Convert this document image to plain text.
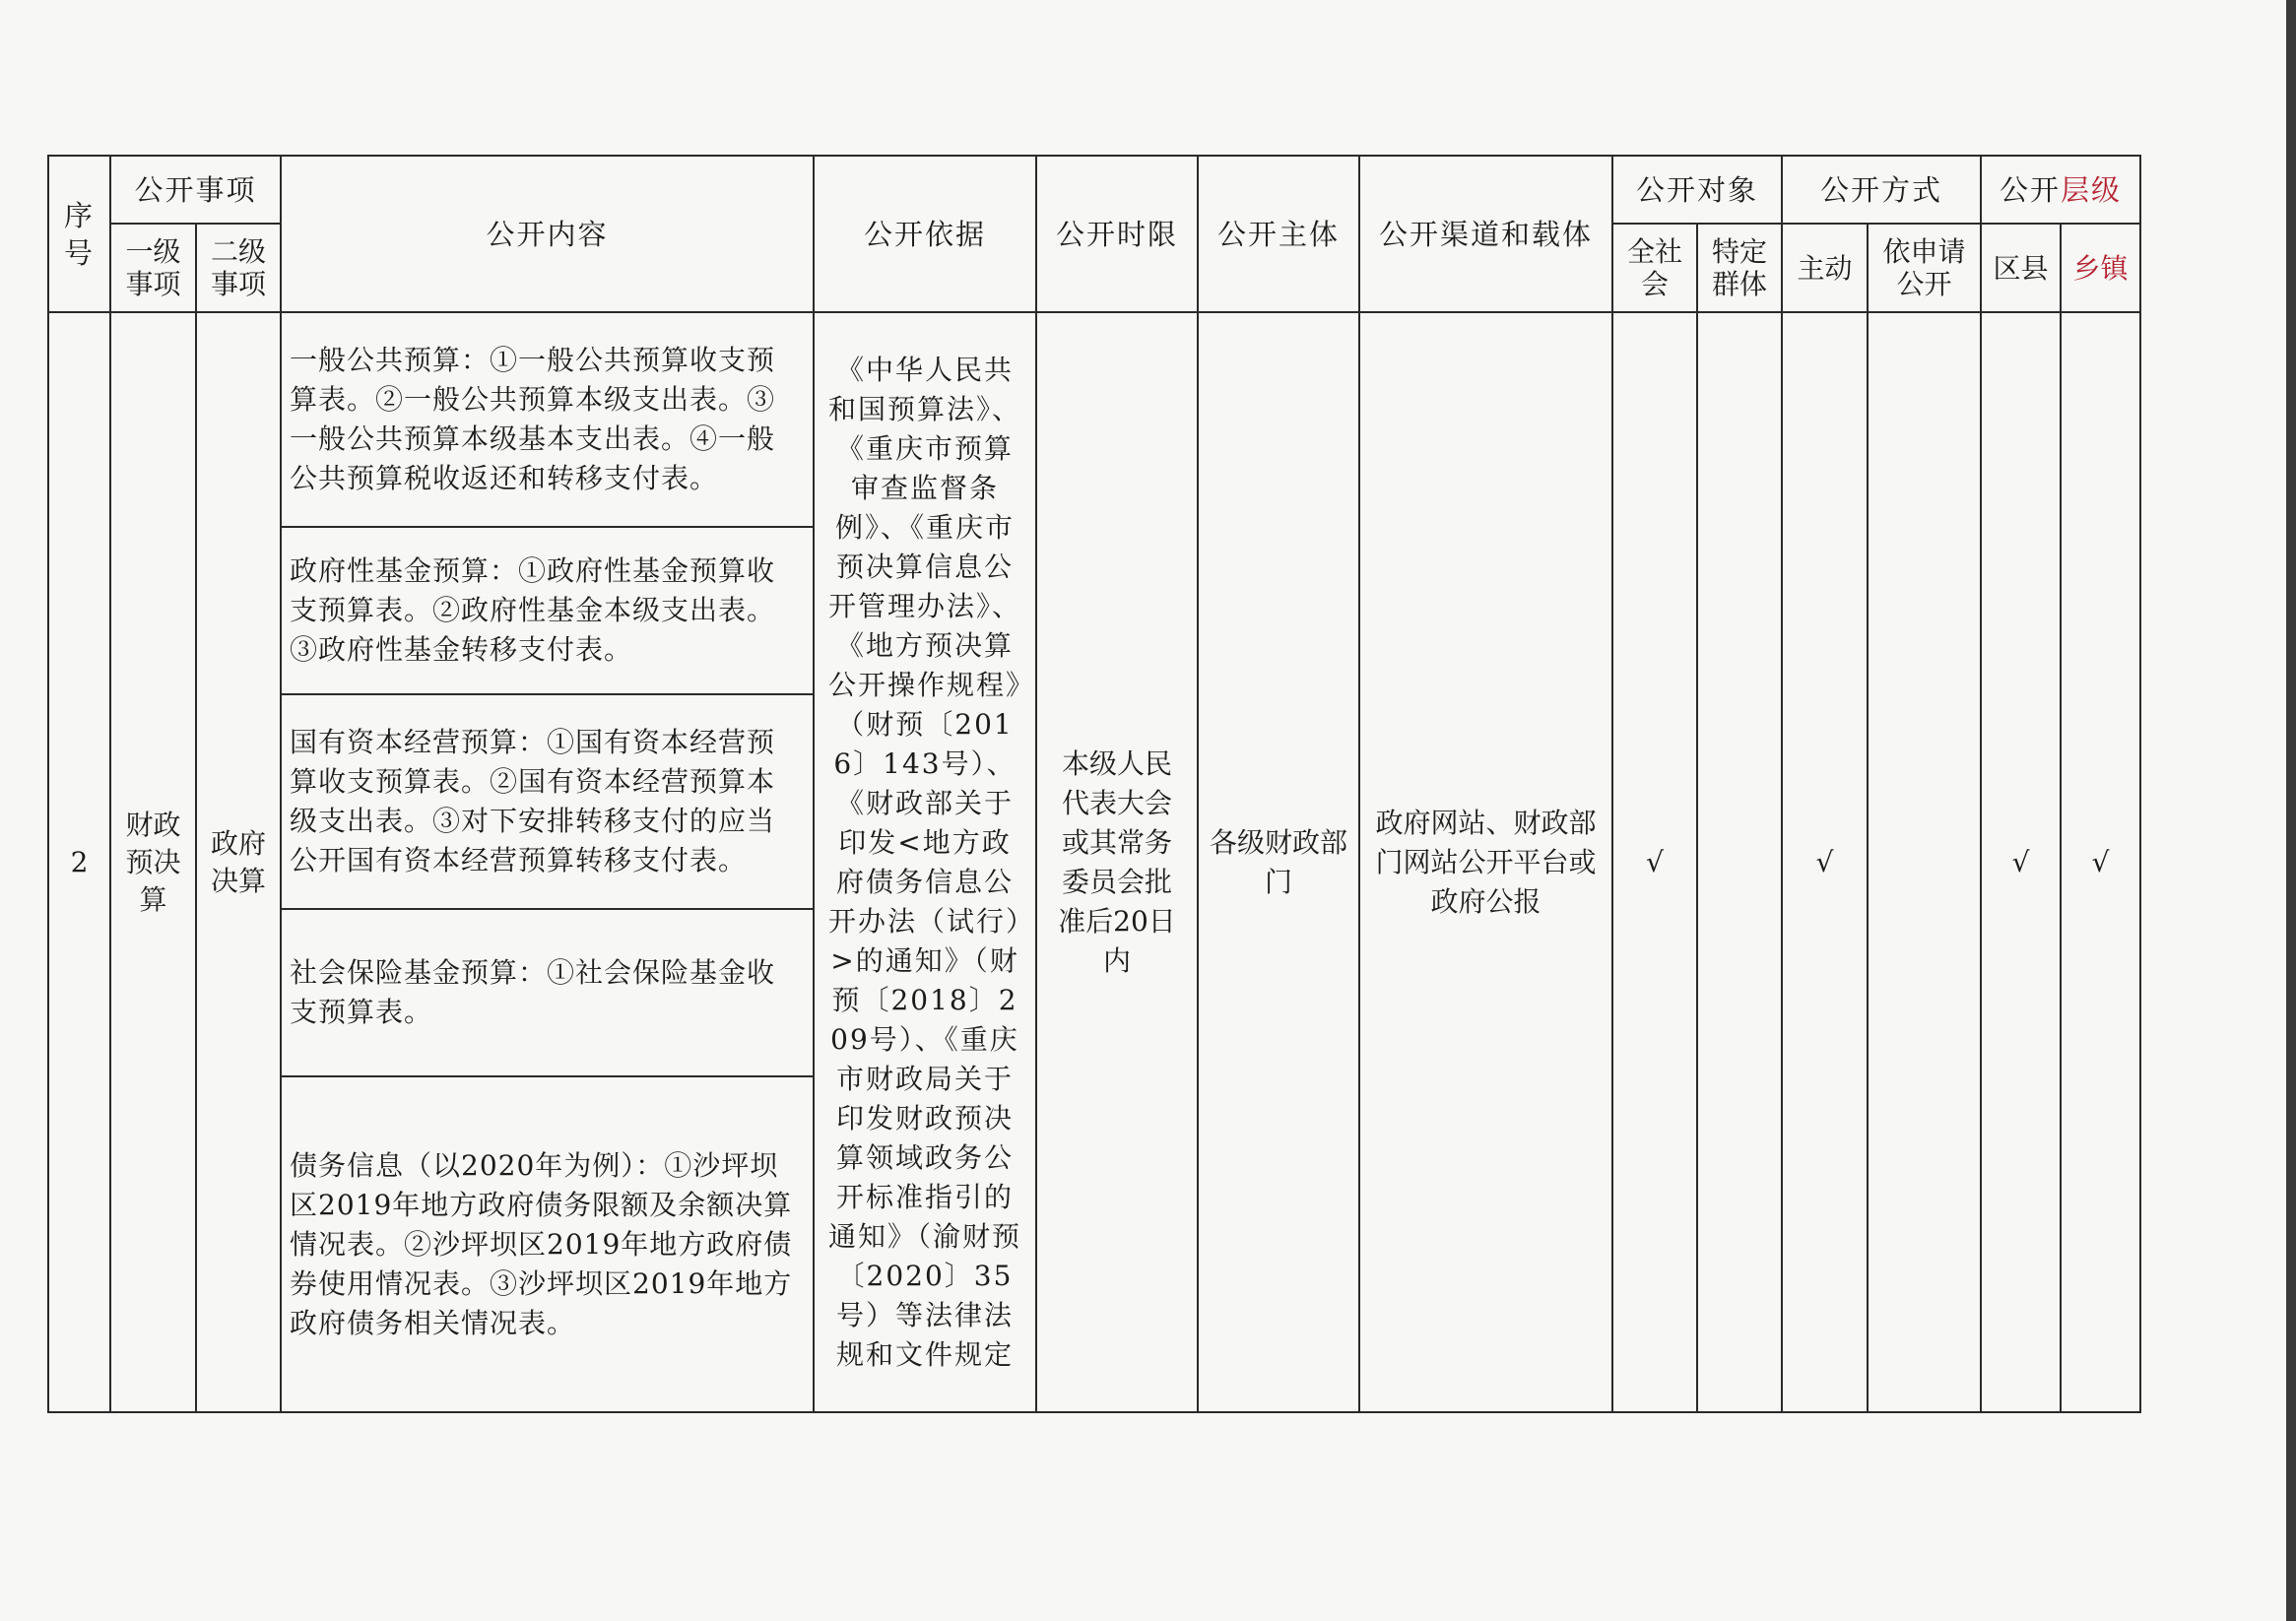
序号	公开事项		公开内容	公开依据	公开时限	公开主体	公开渠道和载体	公开对象		公开方式		公开层级	

	一级事项	二级事项						全社会	特定群体	主动	依申请公开	区县	乡镇
2	财政预决算	政府决算	一般公共预算：①一般公共预算收支预算表。②一般公共预算本级支出表。③一般公共预算本级基本支出表。④一般公共预算税收返还和转移支付表。	《中华人民共和国预算法》、《重庆市预算审查监督条例》、《重庆市预决算信息公开管理办法》、《地方预决算公开操作规程》（财预〔2016〕143号）、《财政部关于印发<地方政府债务信息公开办法（试行）>的通知》（财预〔2018〕209号）、《重庆市财政局关于印发财政预决算领域政务公开标准指引的通知》（渝财预〔2020〕35号）等法律法规和文件规定	本级人民代表大会或其常务委员会批准后20日内	各级财政部门	政府网站、财政部门网站公开平台或政府公报	√		√		√	√
			政府性基金预算：①政府性基金预算收支预算表。②政府性基金本级支出表。③政府性基金转移支付表。										
			国有资本经营预算：①国有资本经营预算收支预算表。②国有资本经营预算本级支出表。③对下安排转移支付的应当公开国有资本经营预算转移支付表。										
			社会保险基金预算：①社会保险基金收支预算表。										
			债务信息（以2020年为例）：①沙坪坝区2019年地方政府债务限额及余额决算情况表。②沙坪坝区2019年地方政府债券使用情况表。③沙坪坝区2019年地方政府债务相关情况表。										
